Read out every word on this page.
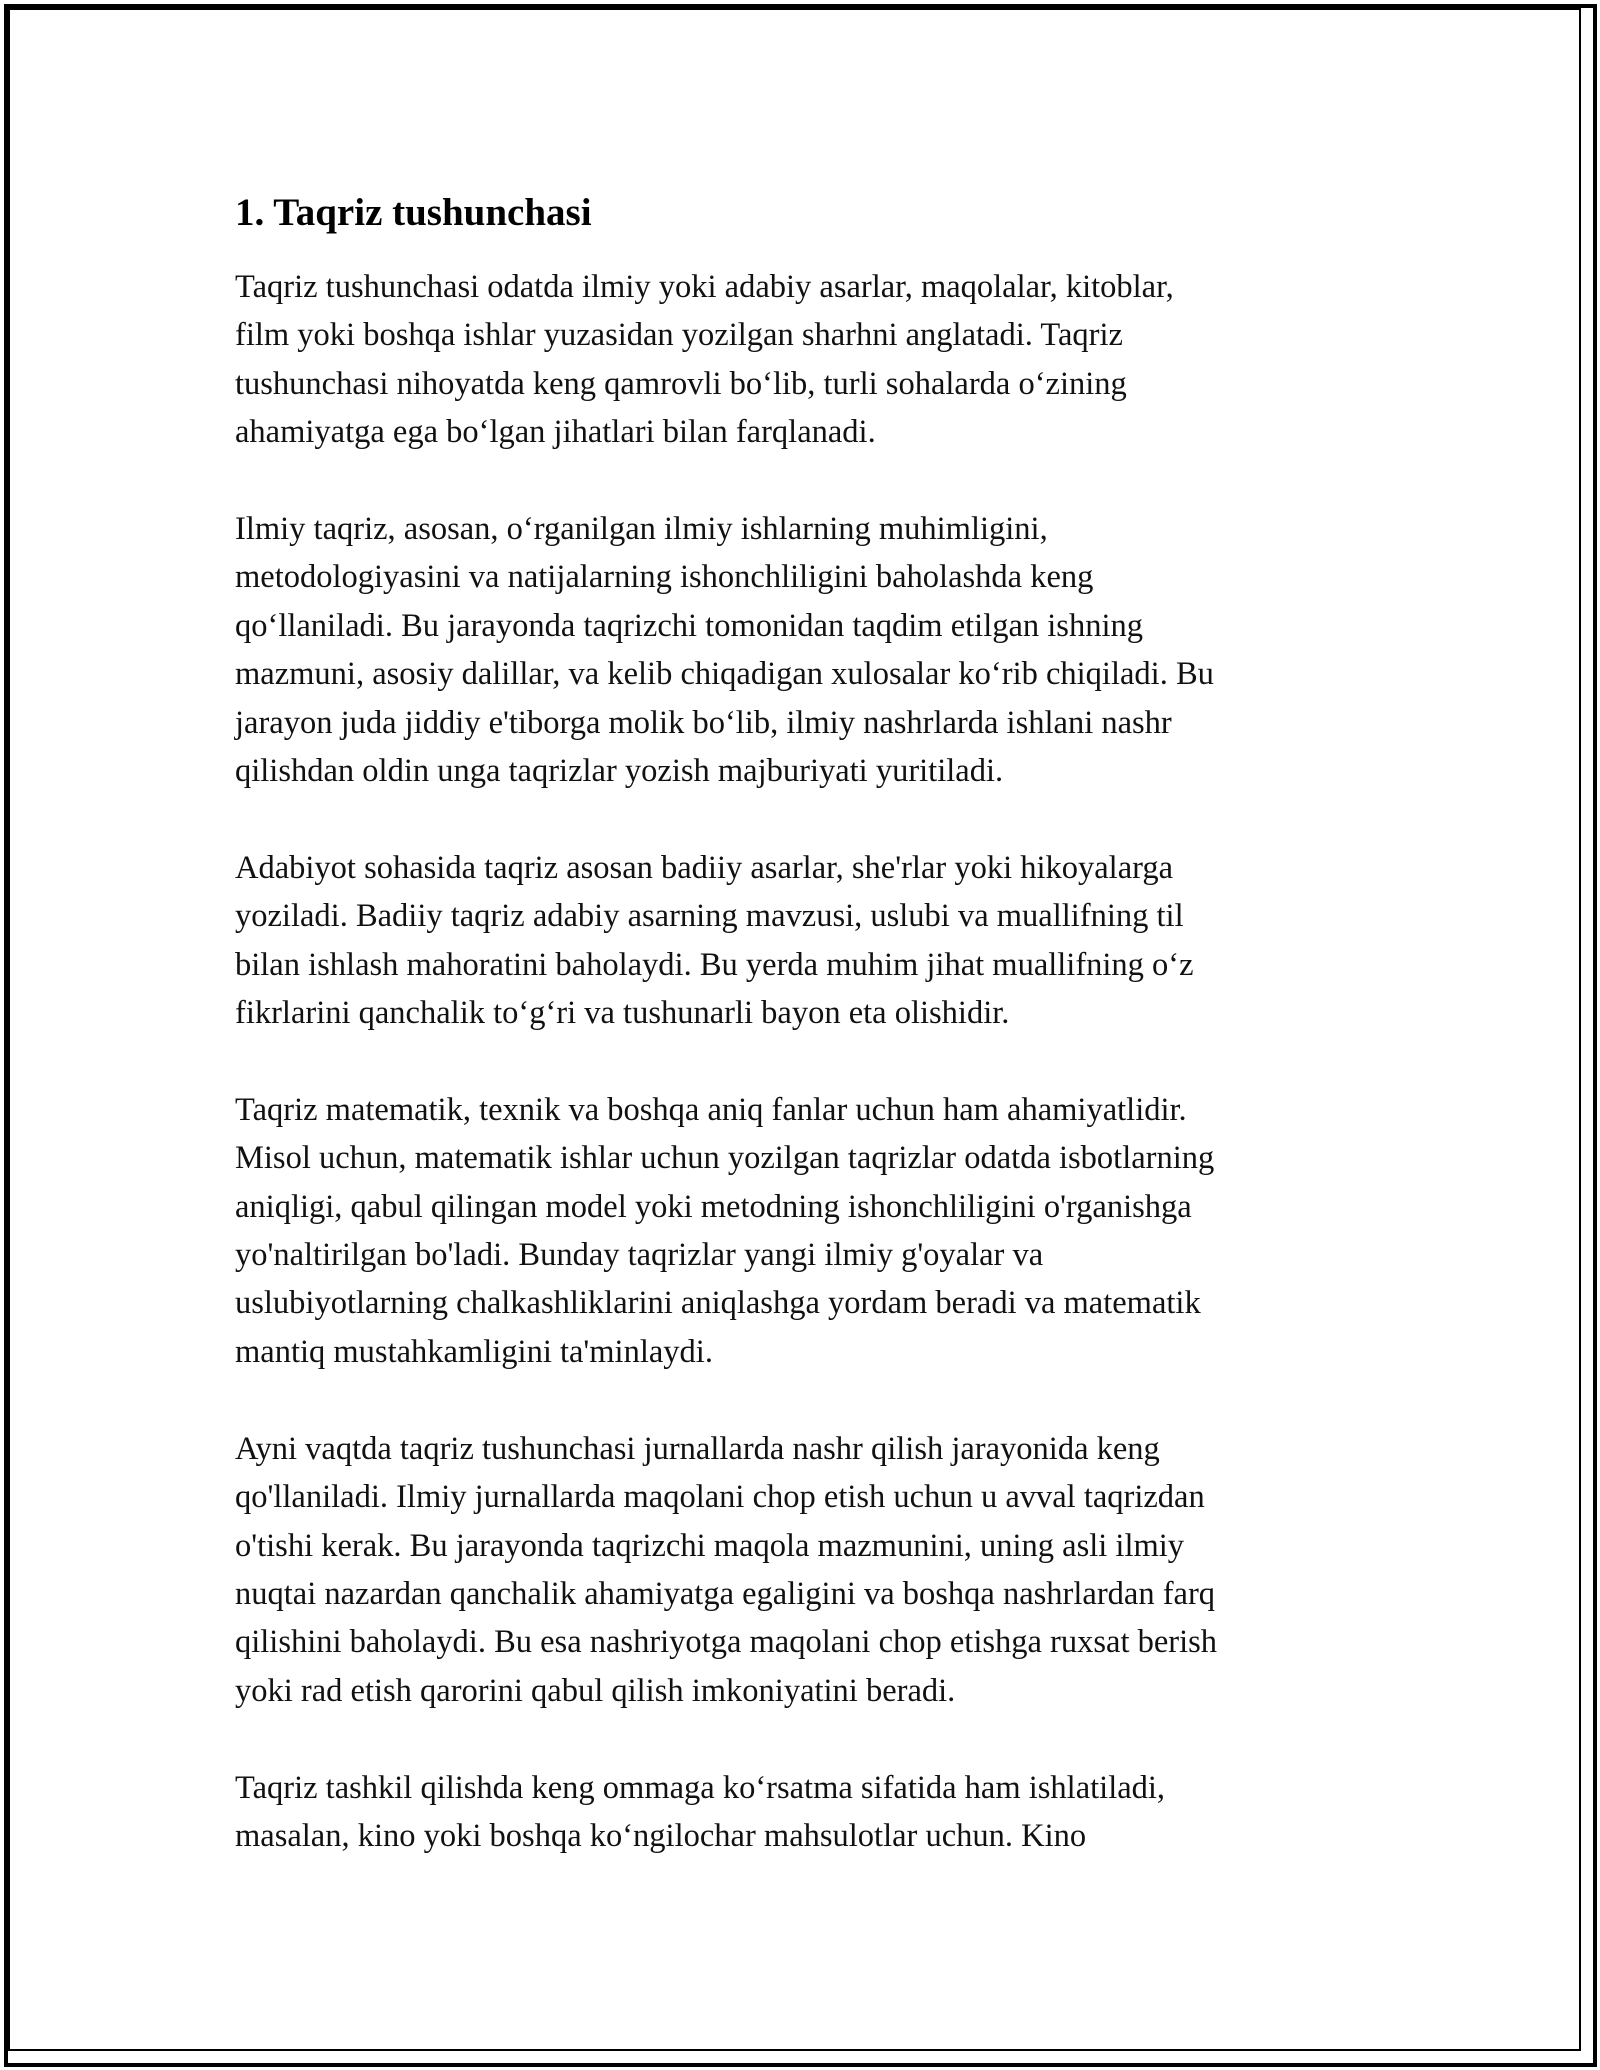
1. Taqriz tushunchasi

Taqriz tushunchasi odatda ilmiy yoki adabiy asarlar, maqolalar, kitoblar,
film yoki boshqa ishlar yuzasidan yozilgan sharhni anglatadi. Taqriz
tushunchasi nihoyatda keng qamrovli bo‘lib, turli sohalarda o‘zining
ahamiyatga ega bo‘lgan jihatlari bilan farqlanadi.

Ilmiy taqriz, asosan, o‘rganilgan ilmiy ishlarning muhimligini,
metodologiyasini va natijalarning ishonchliligini baholashda keng
qo‘llaniladi. Bu jarayonda taqrizchi tomonidan taqdim etilgan ishning
mazmuni, asosiy dalillar, va kelib chiqadigan xulosalar ko‘rib chiqiladi. Bu
jarayon juda jiddiy e'tiborga molik bo‘lib, ilmiy nashrlarda ishlani nashr
qilishdan oldin unga taqrizlar yozish majburiyati yuritiladi.

Adabiyot sohasida taqriz asosan badiiy asarlar, she'rlar yoki hikoyalarga
yoziladi. Badiiy taqriz adabiy asarning mavzusi, uslubi va muallifning til
bilan ishlash mahoratini baholaydi. Bu yerda muhim jihat muallifning o‘z
fikrlarini qanchalik to‘g‘ri va tushunarli bayon eta olishidir.

Taqriz matematik, texnik va boshqa aniq fanlar uchun ham ahamiyatlidir.
Misol uchun, matematik ishlar uchun yozilgan taqrizlar odatda isbotlarning
aniqligi, qabul qilingan model yoki metodning ishonchliligini o'rganishga
yo'naltirilgan bo'ladi. Bunday taqrizlar yangi ilmiy g'oyalar va
uslubiyotlarning chalkashliklarini aniqlashga yordam beradi va matematik
mantiq mustahkamligini ta'minlaydi.

Ayni vaqtda taqriz tushunchasi jurnallarda nashr qilish jarayonida keng
qo'llaniladi. Ilmiy jurnallarda maqolani chop etish uchun u avval taqrizdan
o'tishi kerak. Bu jarayonda taqrizchi maqola mazmunini, uning asli ilmiy
nuqtai nazardan qanchalik ahamiyatga egaligini va boshqa nashrlardan farq
qilishini baholaydi. Bu esa nashriyotga maqolani chop etishga ruxsat berish
yoki rad etish qarorini qabul qilish imkoniyatini beradi.

Taqriz tashkil qilishda keng ommaga ko‘rsatma sifatida ham ishlatiladi,
masalan, kino yoki boshqa ko‘ngilochar mahsulotlar uchun. Kino
